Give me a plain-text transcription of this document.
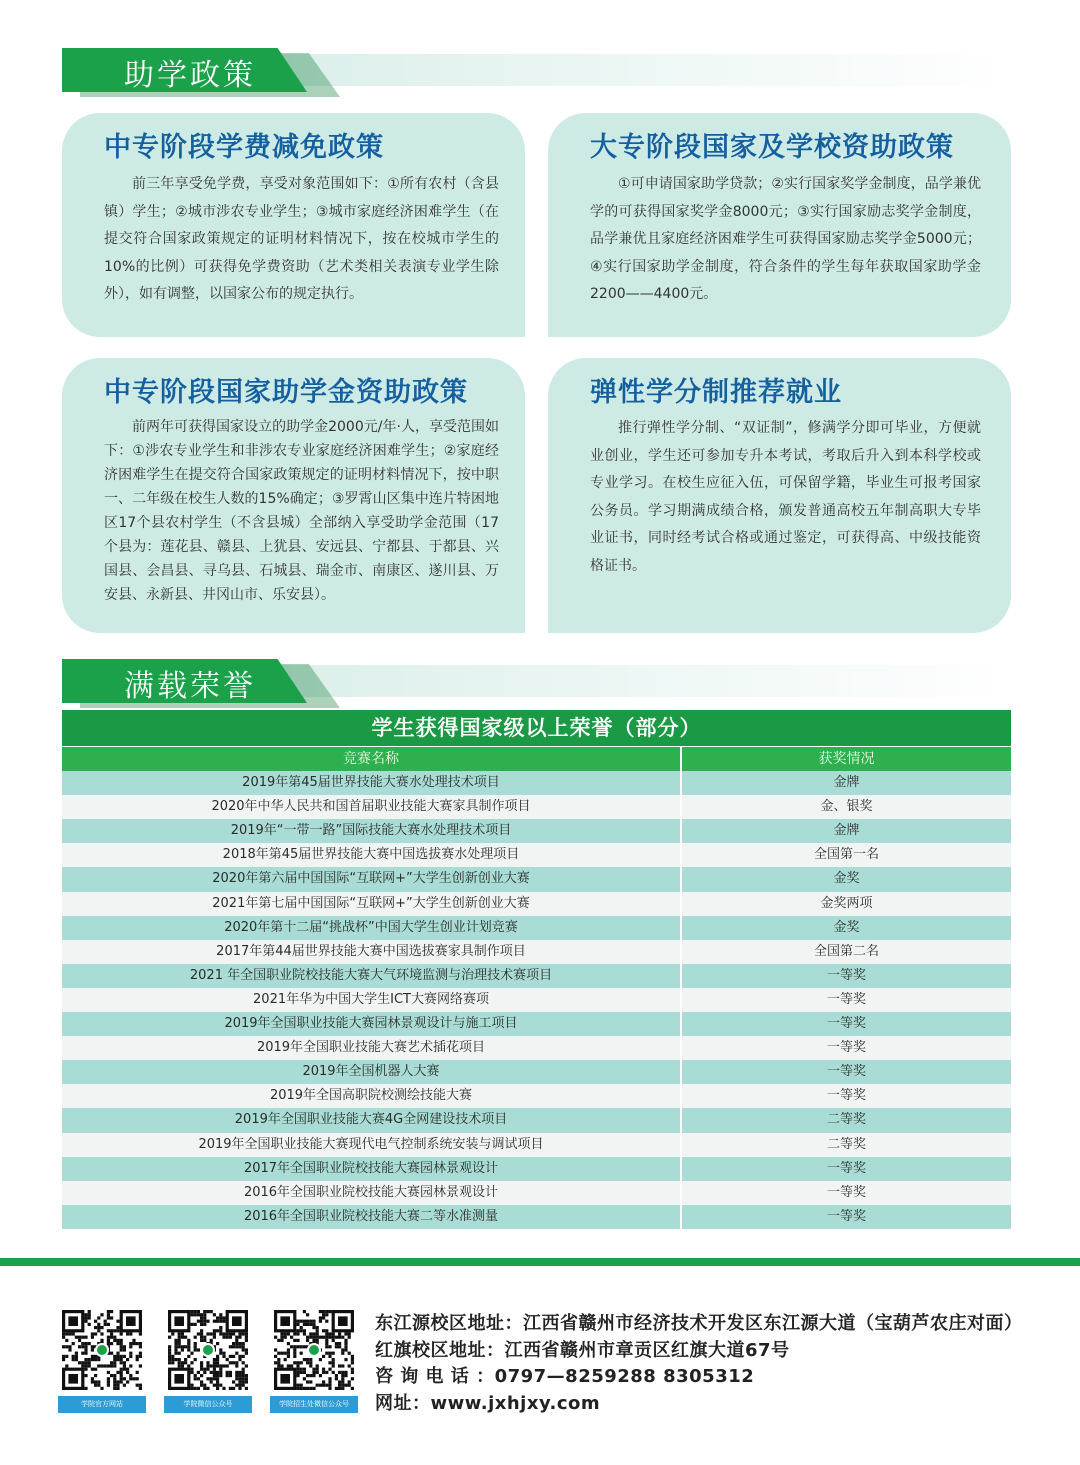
助学政策
中专阶段学费减免政策

前三年享受免学费，享受对象范围如下：①所有农村（含县镇）学生；②城市涉农专业学生；③城市家庭经济困难学生（在提交符合国家政策规定的证明材料情况下，按在校城市学生的10%的比例）可获得免学费资助（艺术类相关表演专业学生除外），如有调整，以国家公布的规定执行。

大专阶段国家及学校资助政策

①可申请国家助学贷款；②实行国家奖学金制度，品学兼优学的可获得国家奖学金8000元；③实行国家励志奖学金制度，品学兼优且家庭经济困难学生可获得国家励志奖学金5000元；④实行国家助学金制度，符合条件的学生每年获取国家助学金2200——4400元。

中专阶段国家助学金资助政策

前两年可获得国家设立的助学金2000元/年·人，享受范围如下：①涉农专业学生和非涉农专业家庭经济困难学生；②家庭经济困难学生在提交符合国家政策规定的证明材料情况下，按中职一、二年级在校生人数的15%确定；③罗霄山区集中连片特困地区17个县农村学生（不含县城）全部纳入享受助学金范围（17个县为：莲花县、赣县、上犹县、安远县、宁都县、于都县、兴国县、会昌县、寻乌县、石城县、瑞金市、南康区、遂川县、万安县、永新县、井冈山市、乐安县）。

弹性学分制推荐就业

推行弹性学分制、“双证制”，修满学分即可毕业，方便就业创业，学生还可参加专升本考试，考取后升入到本科学校或专业学习。在校生应征入伍，可保留学籍，毕业生可报考国家公务员。学习期满成绩合格，颁发普通高校五年制高职大专毕业证书，同时经考试合格或通过鉴定，可获得高、中级技能资格证书。

满载荣誉
学生获得国家级以上荣誉（部分）
竞赛名称	获奖情况
2019年第45届世界技能大赛水处理技术项目	金牌
2020年中华人民共和国首届职业技能大赛家具制作项目	金、银奖
2019年“一带一路”国际技能大赛水处理技术项目	金牌
2018年第45届世界技能大赛中国选拔赛水处理项目	全国第一名
2020年第六届中国国际“互联网+”大学生创新创业大赛	金奖
2021年第七届中国国际“互联网+”大学生创新创业大赛	金奖两项
2020年第十二届“挑战杯”中国大学生创业计划竞赛	金奖
2017年第44届世界技能大赛中国选拔赛家具制作项目	全国第二名
2021 年全国职业院校技能大赛大气环境监测与治理技术赛项目	一等奖
2021年华为中国大学生ICT大赛网络赛项	一等奖
2019年全国职业技能大赛园林景观设计与施工项目	一等奖
2019年全国职业技能大赛艺术插花项目	一等奖
2019年全国机器人大赛	一等奖
2019年全国高职院校测绘技能大赛	一等奖
2019年全国职业技能大赛4G全网建设技术项目	二等奖
2019年全国职业技能大赛现代电气控制系统安装与调试项目	二等奖
2017年全国职业院校技能大赛园林景观设计	一等奖
2016年全国职业院校技能大赛园林景观设计	一等奖
2016年全国职业院校技能大赛二等水准测量	一等奖
学院官方网站	学院微信公众号	学院招生处微信公众号
东江源校区地址：江西省赣州市经济技术开发区东江源大道（宝葫芦农庄对面）
红旗校区地址：江西省赣州市章贡区红旗大道67号
咨 询 电 话 ：0797—8259288 8305312
网址：www.jxhjxy.com
